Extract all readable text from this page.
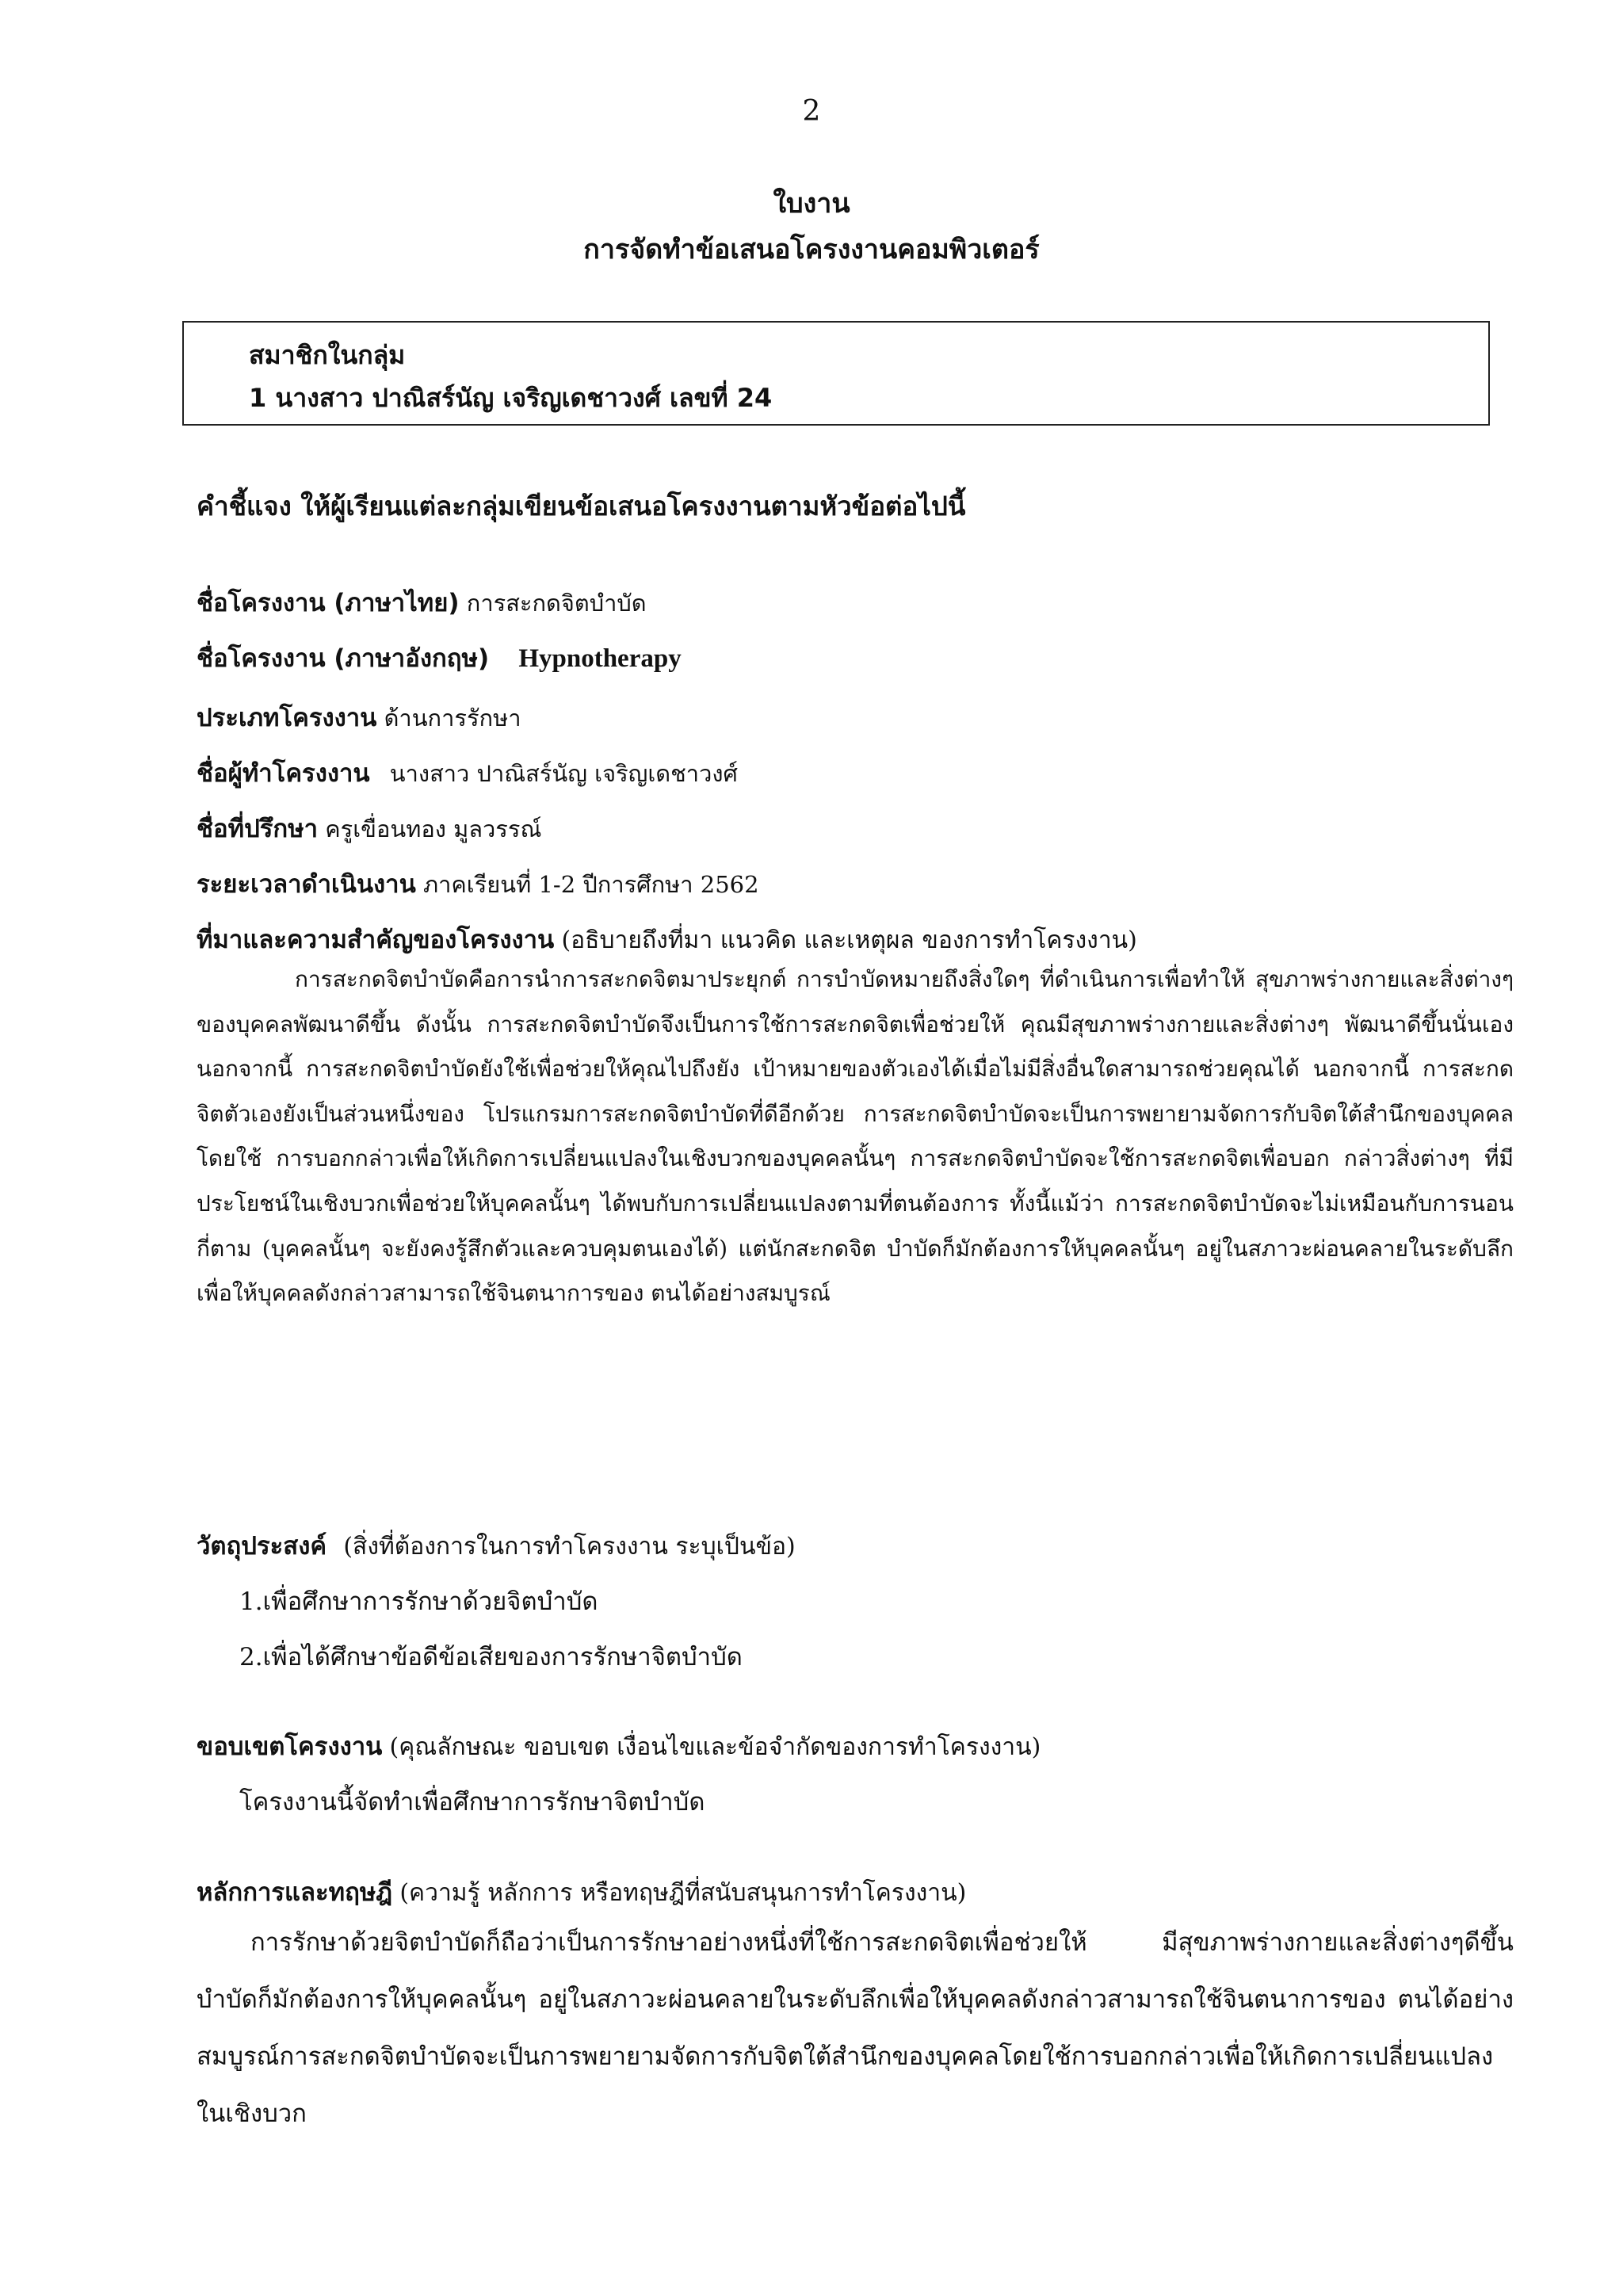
2
ใบงาน
การจัดทำข้อเสนอโครงงานคอมพิวเตอร์
สมาชิกในกลุ่ม
1 นางสาว ปาณิสร์นัญ เจริญเดชาวงศ์ เลขที่ 24
คำชี้แจง ให้ผู้เรียนแต่ละกลุ่มเขียนข้อเสนอโครงงานตามหัวข้อต่อไปนี้
ชื่อโครงงาน (ภาษาไทย) การสะกดจิตบำบัด
ชื่อโครงงาน (ภาษาอังกฤษ) Hypnotherapy
ประเภทโครงงาน ด้านการรักษา
ชื่อผู้ทำโครงงาน นางสาว ปาณิสร์นัญ เจริญเดชาวงศ์
ชื่อที่ปรึกษา ครูเขื่อนทอง มูลวรรณ์
ระยะเวลาดำเนินงาน ภาคเรียนที่ 1-2 ปีการศึกษา 2562
ที่มาและความสำคัญของโครงงาน (อธิบายถึงที่มา แนวคิด และเหตุผล ของการทำโครงงาน)
การสะกดจิตบำบัดคือการนำการสะกดจิตมาประยุกต์ การบำบัดหมายถึงสิ่งใดๆ ที่ดำเนินการเพื่อทำให้ สุขภาพร่างกายและสิ่งต่างๆ ของบุคคลพัฒนาดีขึ้น ดังนั้น การสะกดจิตบำบัดจึงเป็นการใช้การสะกดจิตเพื่อช่วยให้ คุณมีสุขภาพร่างกายและสิ่งต่างๆ พัฒนาดีขึ้นนั่นเอง นอกจากนี้ การสะกดจิตบำบัดยังใช้เพื่อช่วยให้คุณไปถึงยัง เป้าหมายของตัวเองได้เมื่อไม่มีสิ่งอื่นใดสามารถช่วยคุณได้ นอกจากนี้ การสะกดจิตตัวเองยังเป็นส่วนหนึ่งของ โปรแกรมการสะกดจิตบำบัดที่ดีอีกด้วย การสะกดจิตบำบัดจะเป็นการพยายามจัดการกับจิตใต้สำนึกของบุคคลโดยใช้ การบอกกล่าวเพื่อให้เกิดการเปลี่ยนแปลงในเชิงบวกของบุคคลนั้นๆ การสะกดจิตบำบัดจะใช้การสะกดจิตเพื่อบอก กล่าวสิ่งต่างๆ ที่มีประโยชน์ในเชิงบวกเพื่อช่วยให้บุคคลนั้นๆ ได้พบกับการเปลี่ยนแปลงตามที่ตนต้องการ ทั้งนี้แม้ว่า การสะกดจิตบำบัดจะไม่เหมือนกับการนอนกี่ตาม (บุคคลนั้นๆ จะยังคงรู้สึกตัวและควบคุมตนเองได้) แต่นักสะกดจิต บำบัดก็มักต้องการให้บุคคลนั้นๆ อยู่ในสภาวะผ่อนคลายในระดับลึกเพื่อให้บุคคลดังกล่าวสามารถใช้จินตนาการของ ตนได้อย่างสมบูรณ์
วัตถุประสงค์ (สิ่งที่ต้องการในการทำโครงงาน ระบุเป็นข้อ)
1.เพื่อศึกษาการรักษาด้วยจิตบำบัด
2.เพื่อได้ศึกษาข้อดีข้อเสียของการรักษาจิตบำบัด
ขอบเขตโครงงาน (คุณลักษณะ ขอบเขต เงื่อนไขและข้อจำกัดของการทำโครงงาน)
โครงงานนี้จัดทำเพื่อศึกษาการรักษาจิตบำบัด
หลักการและทฤษฎี (ความรู้ หลักการ หรือทฤษฎีที่สนับสนุนการทำโครงงาน)
การรักษาด้วยจิตบำบัดก็ถือว่าเป็นการรักษาอย่างหนึ่งที่ใช้การสะกดจิตเพื่อช่วยให้ มีสุขภาพร่างกายและสิ่งต่างๆดีขึ้น บำบัดก็มักต้องการให้บุคคลนั้นๆ อยู่ในสภาวะผ่อนคลายในระดับลึกเพื่อให้บุคคลดังกล่าวสามารถใช้จินตนาการของ ตนได้อย่างสมบูรณ์การสะกดจิตบำบัดจะเป็นการพยายามจัดการกับจิตใต้สำนึกของบุคคลโดยใช้การบอกกล่าวเพื่อให้เกิดการเปลี่ยนแปลงในเชิงบวก
